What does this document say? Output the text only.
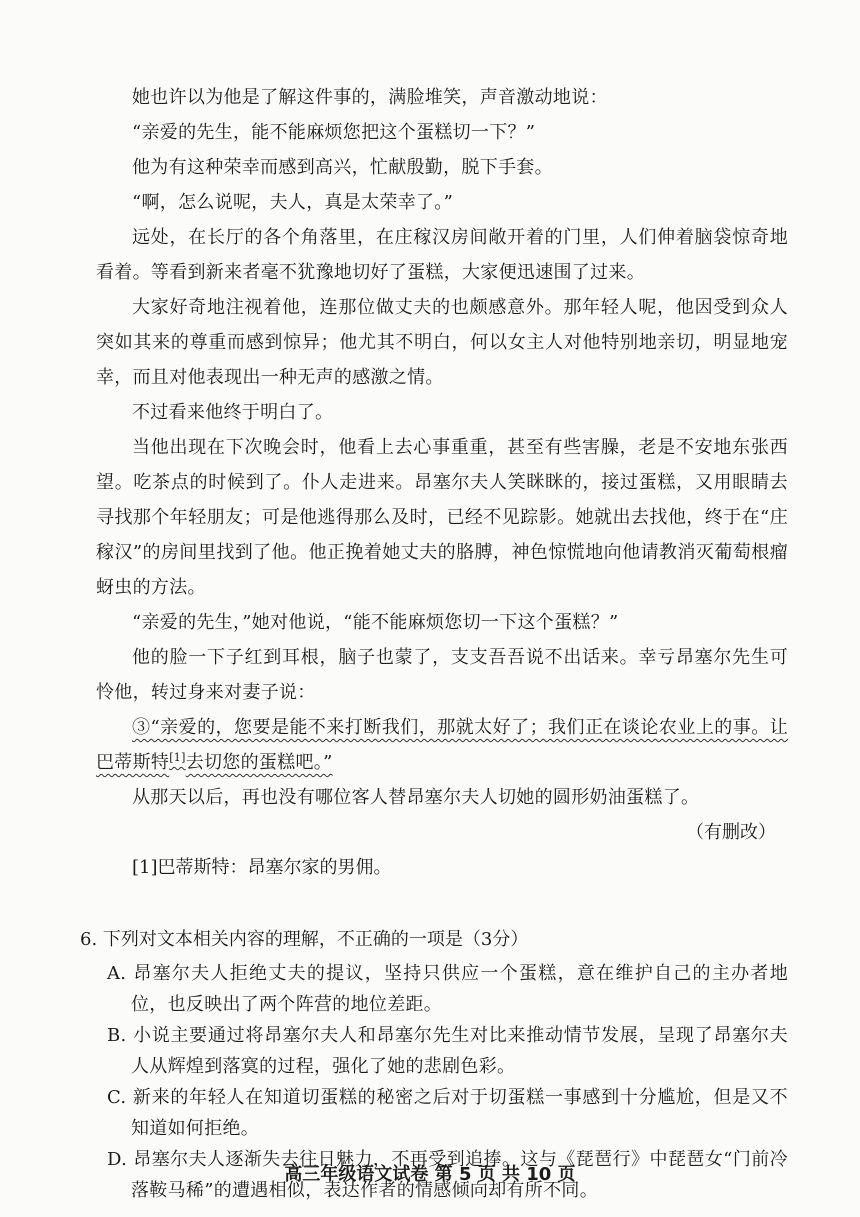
她也许以为他是了解这件事的，满脸堆笑，声音激动地说：

“亲爱的先生，能不能麻烦您把这个蛋糕切一下？”

他为有这种荣幸而感到高兴，忙献殷勤，脱下手套。

“啊，怎么说呢，夫人，真是太荣幸了。”

远处，在长厅的各个角落里，在庄稼汉房间敞开着的门里，人们伸着脑袋惊奇地看着。等看到新来者毫不犹豫地切好了蛋糕，大家便迅速围了过来。

大家好奇地注视着他，连那位做丈夫的也颇感意外。那年轻人呢，他因受到众人突如其来的尊重而感到惊异；他尤其不明白，何以女主人对他特别地亲切，明显地宠幸，而且对他表现出一种无声的感激之情。

不过看来他终于明白了。

当他出现在下次晚会时，他看上去心事重重，甚至有些害臊，老是不安地东张西望。吃茶点的时候到了。仆人走进来。昂塞尔夫人笑眯眯的，接过蛋糕，又用眼睛去寻找那个年轻朋友；可是他逃得那么及时，已经不见踪影。她就出去找他，终于在“庄稼汉”的房间里找到了他。他正挽着她丈夫的胳膊，神色惊慌地向他请教消灭葡萄根瘤蚜虫的方法。

“亲爱的先生，”她对他说，“能不能麻烦您切一下这个蛋糕？”

他的脸一下子红到耳根，脑子也蒙了，支支吾吾说不出话来。幸亏昂塞尔先生可怜他，转过身来对妻子说：

③“亲爱的，您要是能不来打断我们，那就太好了；我们正在谈论农业上的事。让巴蒂斯特[1]去切您的蛋糕吧。”

从那天以后，再也没有哪位客人替昂塞尔夫人切她的圆形奶油蛋糕了。

（有删改）
[1]巴蒂斯特：昂塞尔家的男佣。
6. 下列对文本相关内容的理解，不正确的一项是（3分）

A. 昂塞尔夫人拒绝丈夫的提议，坚持只供应一个蛋糕，意在维护自己的主办者地位，也反映出了两个阵营的地位差距。

B. 小说主要通过将昂塞尔夫人和昂塞尔先生对比来推动情节发展，呈现了昂塞尔夫人从辉煌到落寞的过程，强化了她的悲剧色彩。

高三年级语文试卷 第 5 页 共 10 页

C. 新来的年轻人在知道切蛋糕的秘密之后对于切蛋糕一事感到十分尴尬，但是又不知道如何拒绝。

D. 昂塞尔夫人逐渐失去往日魅力，不再受到追捧。这与《琵琶行》中琵琶女“门前冷落鞍马稀”的遭遇相似，表达作者的情感倾向却有所不同。
